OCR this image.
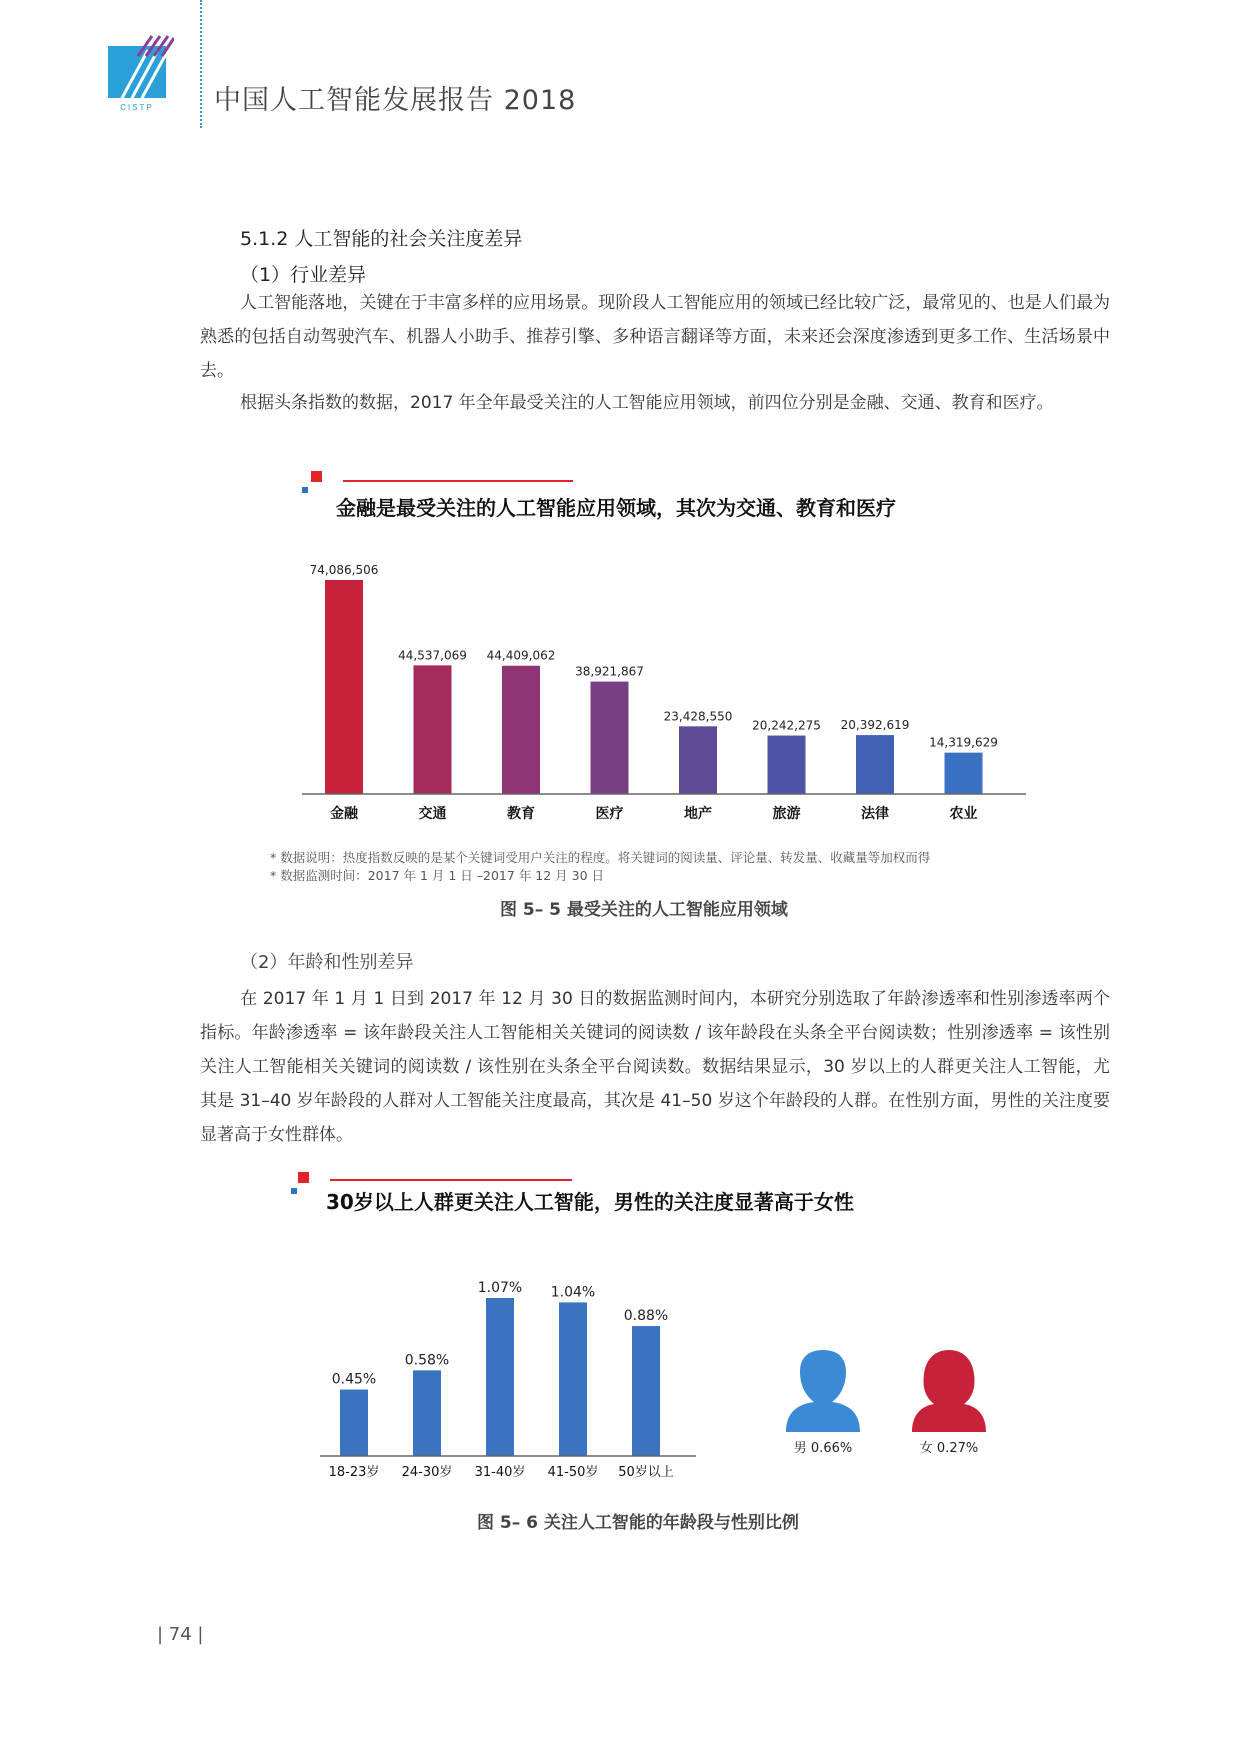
CISTP 中国人工智能发展报告 2018
5.1.2 人工智能的社会关注度差异
（1）行业差异
人工智能落地，关键在于丰富多样的应用场景。现阶段人工智能应用的领域已经比较广泛，最常见的、也是人们最为熟悉的包括自动驾驶汽车、机器人小助手、推荐引擎、多种语言翻译等方面，未来还会深度渗透到更多工作、生活场景中去。
根据头条指数的数据，2017 年全年最受关注的人工智能应用领域，前四位分别是金融、交通、教育和医疗。
金融是最受关注的人工智能应用领域，其次为交通、教育和医疗
74,086,506
金融
44,537,069
交通
44,409,062
教育
38,921,867
医疗
23,428,550
地产
20,242,275
旅游
20,392,619
法律
14,319,629
农业
* 数据说明：热度指数反映的是某个关键词受用户关注的程度。将关键词的阅读量、评论量、转发量、收藏量等加权而得
* 数据监测时间：2017 年 1 月 1 日 –2017 年 12 月 30 日
图 5– 5 最受关注的人工智能应用领域
（2）年龄和性别差异
在 2017 年 1 月 1 日到 2017 年 12 月 30 日的数据监测时间内，本研究分别选取了年龄渗透率和性别渗透率两个指标。年龄渗透率 = 该年龄段关注人工智能相关关键词的阅读数 / 该年龄段在头条全平台阅读数；性别渗透率 = 该性别关注人工智能相关关键词的阅读数 / 该性别在头条全平台阅读数。数据结果显示，30 岁以上的人群更关注人工智能，尤其是 31–40 岁年龄段的人群对人工智能关注度最高，其次是 41–50 岁这个年龄段的人群。在性别方面，男性的关注度要显著高于女性群体。
30岁以上人群更关注人工智能，男性的关注度显著高于女性
0.45%
18-23岁
0.58%
24-30岁
1.07%
31-40岁
1.04%
41-50岁
0.88%
50岁以上
男 0.66%	女 0.27%
图 5– 6 关注人工智能的年龄段与性别比例
| 74 |
